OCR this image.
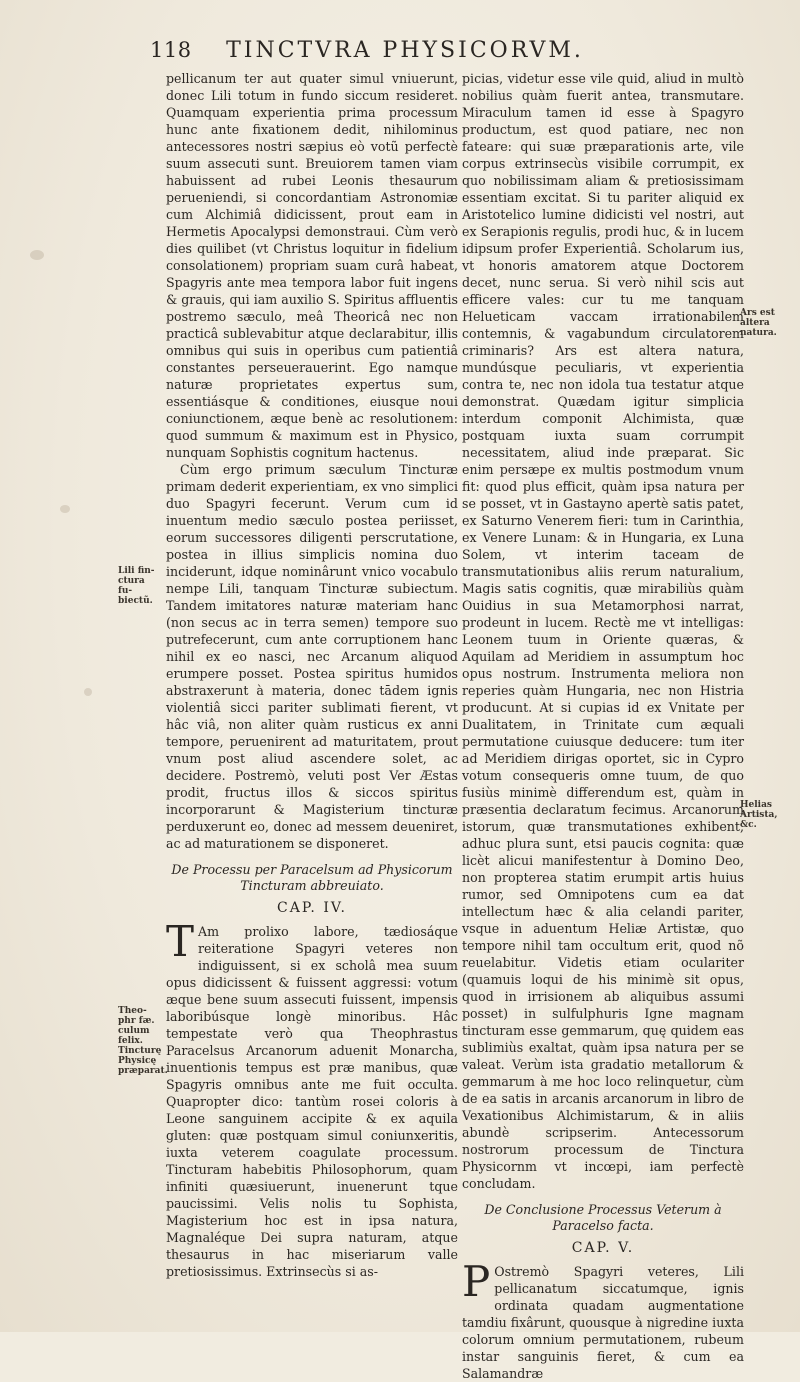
118	TINCTVRA PHYSICORVM.

pellicanum ter aut quater simul vniuerunt, donec Lili totum in fundo siccum resideret. Quamquam experientia prima processum hunc ante fixationem dedit, nihilominus antecessores nostri sæpius eò votũ perfectè suum assecuti sunt. Breuiorem tamen viam habuissent ad rubei Leonis thesaurum perueniendi, si concordantiam Astronomiæ cum Alchimiâ didicissent, prout eam in Hermetis Apocalypsi demonstraui. Cùm verò dies quilibet (vt Christus loquitur in fidelium consolationem) propriam suam curâ habeat, Spagyris ante mea tempora labor fuit ingens & grauis, qui iam auxilio S. Spiritus affluentis postremo sæculo, meâ Theoricâ nec non practicâ sublevabitur atque declarabitur, illis omnibus qui suis in operibus cum patientiâ constantes perseuerauerint. Ego namque naturæ proprietates expertus sum, essentiásque & conditiones, eiusque noui coniunctionem, æque benè ac resolutionem: quod summum & maximum est in Physico, nunquam Sophistis cognitum hactenus.

Cùm ergo primum sæculum Tincturæ primam dederit experientiam, ex vno simplici duo Spagyri fecerunt. Verum cum id inuentum medio sæculo postea periisset, eorum successores diligenti perscrutatione, postea in illius simplicis nomina duo inciderunt, idque nominârunt vnico vocabulo nempe Lili, tanquam Tincturæ subiectum. Tandem imitatores naturæ materiam hanc (non secus ac in terra semen) tempore suo putrefecerunt, cum ante corruptionem hanc nihil ex eo nasci, nec Arcanum aliquod erumpere posset. Postea spiritus humidos abstraxerunt à materia, donec tādem ignis violentiâ sicci pariter sublimati fierent, vt hâc viâ, non aliter quàm rusticus ex anni tempore, peruenirent ad maturitatem, prout vnum post aliud ascendere solet, ac decidere. Postremò, veluti post Ver Æstas prodit, fructus illos & siccos spiritus incorporarunt & Magisterium tincturæ perduxerunt eo, donec ad messem deueniret, ac ad maturationem se disponeret.

De Processu per Paracelsum ad Physicorum Tincturam abbreuiato.
CAP. IV.

T Am prolixo labore, tædiosáque reiteratione Spagyri veteres non indiguissent, si ex scholâ mea suum opus didicissent & fuissent aggressi: votum æque bene suum assecuti fuissent, impensis laboribúsque longè minoribus. Hâc tempestate verò qua Theophrastus Paracelsus Arcanorum aduenit Monarcha, inuentionis tempus est præ manibus, quæ Spagyris omnibus ante me fuit occulta. Quapropter dico: tantùm rosei coloris à Leone sanguinem accipite & ex aquila gluten: quæ postquam simul coniunxeritis, iuxta veterem coagulate processum. Tincturam habebitis Philosophorum, quam infiniti quæsiuerunt, inuenerunt tque paucissimi. Velis nolis tu Sophista, Magisterium hoc est in ipsa natura, Magnaléque Dei supra naturam, atque thesaurus in hac miseriarum valle pretiosissimus. Extrinsecùs si as-

picias, videtur esse vile quid, aliud in multò nobilius quàm fuerit antea, transmutare. Miraculum tamen id esse à Spagyro productum, est quod patiare, nec non fateare: qui suæ præparationis arte, vile corpus extrinsecùs visibile corrumpit, ex quo nobilissimam aliam & pretiosissimam essentiam excitat. Si tu pariter aliquid ex Aristotelico lumine didicisti vel nostri, aut ex Serapionis regulis, prodi huc, & in lucem idipsum profer Experientiâ. Scholarum ius, vt honoris amatorem atque Doctorem decet, nunc serua. Si verò nihil scis aut efficere vales: cur tu me tanquam Helueticam vaccam irrationabilem contemnis, & vagabundum circulatorem criminaris? Ars est altera natura, mundúsque peculiaris, vt experientia contra te, nec non idola tua testatur atque demonstrat. Quædam igitur simplicia interdum componit Alchimista, quæ postquam iuxta suam corrumpit necessitatem, aliud inde præparat. Sic enim persæpe ex multis postmodum vnum fit: quod plus efficit, quàm ipsa natura per se posset, vt in Gastayno apertè satis patet, ex Saturno Venerem fieri: tum in Carinthia, ex Venere Lunam: & in Hungaria, ex Luna Solem, vt interim taceam de transmutationibus aliis rerum naturalium, Magis satis cognitis, quæ mirabiliùs quàm Ouidius in sua Metamorphosi narrat, prodeunt in lucem. Rectè me vt intelligas: Leonem tuum in Oriente quæras, & Aquilam ad Meridiem in assumptum hoc opus nostrum. Instrumenta meliora non reperies quàm Hungaria, nec non Histria producunt. At si cupias id ex Vnitate per Dualitatem, in Trinitate cum æquali permutatione cuiusque deducere: tum iter ad Meridiem dirigas oportet, sic in Cypro votum consequeris omne tuum, de quo fusiùs minimè differendum est, quàm in præsentia declaratum fecimus. Arcanorum istorum, quæ transmutationes exhibent, adhuc plura sunt, etsi paucis cognita: quæ licèt alicui manifestentur à Domino Deo, non propterea statim erumpit artis huius rumor, sed Omnipotens cum ea dat intellectum hæc & alia celandi pariter, vsque in aduentum Heliæ Artistæ, quo tempore nihil tam occultum erit, quod nõ reuelabitur. Videtis etiam oculariter (quamuis loqui de his minimè sit opus, quod in irrisionem ab aliquibus assumi posset) in sulfulphuris Igne magnam tincturam esse gemmarum, quę quidem eas sublimiùs exaltat, quàm ipsa natura per se valeat. Verùm ista gradatio metallorum & gemmarum à me hoc loco relinquetur, cùm de ea satis in arcanis arcanorum in libro de Vexationibus Alchimistarum, & in aliis abundè scripserim. Antecessorum nostrorum processum de Tinctura Physicornm vt incœpi, iam perfectè concludam.

De Conclusione Processus Veterum à Paracelso facta.
CAP. V.

P Ostremò Spagyri veteres, Lili pellicanatum siccatumque, ignis ordinata quadam augmentatione tamdiu fixârunt, quousque à nigredine iuxta colorum omnium permutationem, rubeum instar sanguinis fieret, & cum ea Salamandræ

Lili fin-ctura fu-biectũ.
Theo-phr fæ. culum felix. Tincturę Physicę præparat.
Ars est altera natura.
Helias Artista, &c.
